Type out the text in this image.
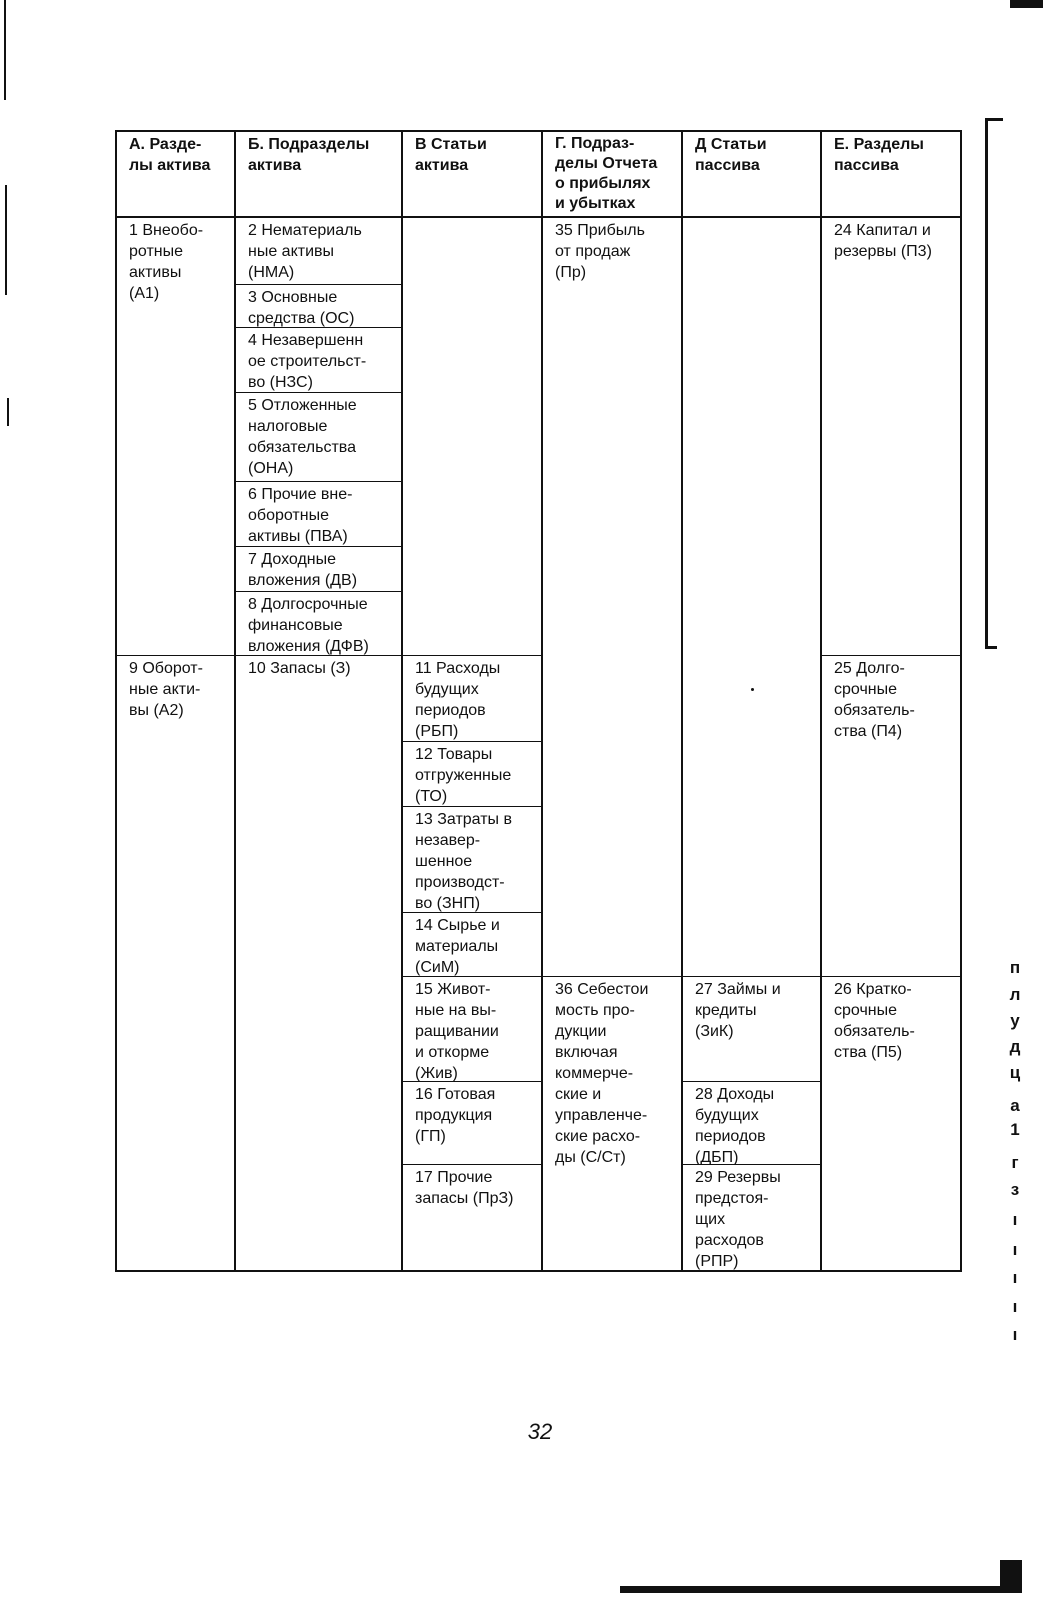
А. Разде-
лы актива
Б. Подразделы
актива
В Статьи
актива
Г. Подраз-
делы Отчета
о прибылях
и убытках
Д Статьи
пассива
Е. Разделы
пассива
1 Внеобо-
ротные
активы
(А1)
9 Оборот-
ные акти-
вы (А2)
2 Нематериаль
ные активы
(НМА)
3 Основные
средства (ОС)
4 Незавершенн
ое строительст-
во (НЗС)
5 Отложенные
налоговые
обязательства
(ОНА)
6 Прочие вне-
оборотные
активы (ПВА)
7 Доходные
вложения (ДВ)
8 Долгосрочные
финансовые
вложения (ДФВ)
10 Запасы (З)	11 Расходы
будущих
периодов
(РБП)
12 Товары
отгруженные
(ТО)
13 Затраты в
незавер-
шенное
производст-
во (ЗНП)
14 Сырье и
материалы
(СиМ)
15 Живот-
ные на вы-
ращивании
и откорме
(Жив)
16 Готовая
продукция
(ГП)
17 Прочие
запасы (ПрЗ)
35 Прибыль
от продаж
(Пр)
36 Себестои
мость про-
дукции
включая
коммерче-
ские и
управленче-
ские расхо-
ды (С/Ст)
27 Займы и
кредиты
(ЗиК)
28 Доходы
будущих
периодов
(ДБП)
29 Резервы
предстоя-
щих
расходов
(РПР)
24 Капитал и
резервы (П3)
25 Долго-
срочные
обязатель-
ства (П4)
26 Кратко-
срочные
обязатель-
ства (П5)
32
п
л
у
д
ц
а
1
г
з
ı
ı
ı
ı
ı
